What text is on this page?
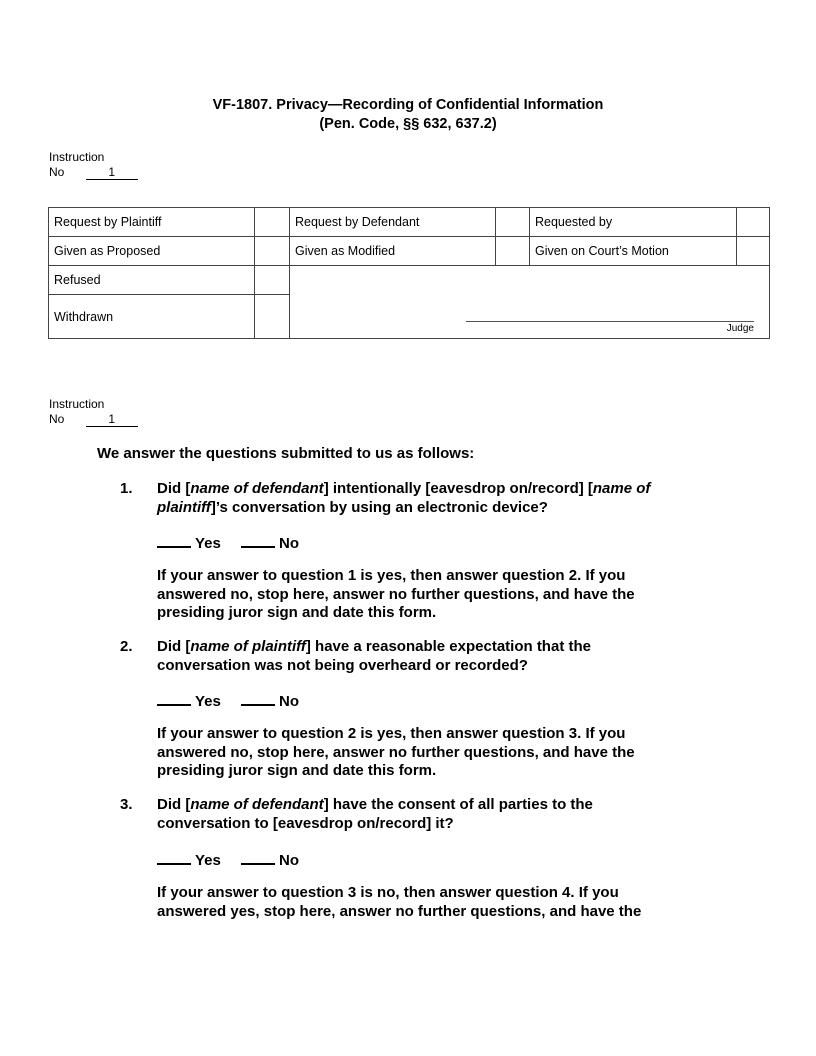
VF-1807. Privacy—Recording of Confidential Information
(Pen. Code, §§ 632, 637.2)
Instruction
No	1
Request by Plaintiff		Request by Defendant		Requested by	
Given as Proposed		Given as Modified		Given on Court’s Motion	
Refused					
Withdrawn					
Judge
Instruction
No	1
We answer the questions submitted to us as follows:
1. Did [name of defendant] intentionally [eavesdrop on/record] [name of plaintiff]’s conversation by using an electronic device?
Yes	No
If your answer to question 1 is yes, then answer question 2. If you
answered no, stop here, answer no further questions, and have the
presiding juror sign and date this form.
2. Did [name of plaintiff] have a reasonable expectation that the conversation was not being overheard or recorded?
Yes	No
If your answer to question 2 is yes, then answer question 3. If you
answered no, stop here, answer no further questions, and have the
presiding juror sign and date this form.
3. Did [name of defendant] have the consent of all parties to the conversation to [eavesdrop on/record] it?
Yes	No
If your answer to question 3 is no, then answer question 4. If you
answered yes, stop here, answer no further questions, and have the
